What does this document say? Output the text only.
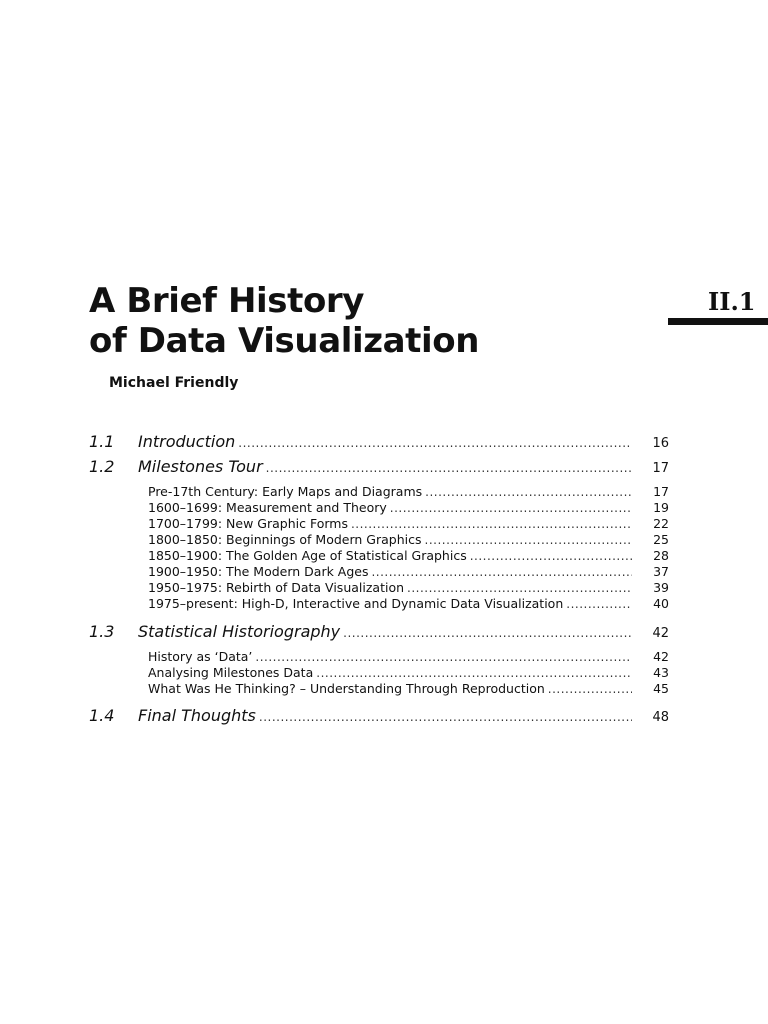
A Brief History
of Data Visualization
II.1
Michael Friendly
1.1	Introduction .....	16
1.2	Milestones Tour .....	17
Pre-17th Century: Early Maps and Diagrams .....	17
1600–1699: Measurement and Theory .....	19
1700–1799: New Graphic Forms .....	22
1800–1850: Beginnings of Modern Graphics .....	25
1850–1900: The Golden Age of Statistical Graphics .....	28
1900–1950: The Modern Dark Ages .....	37
1950–1975: Rebirth of Data Visualization .....	39
1975–present: High-D, Interactive and Dynamic Data Visualization .....	40
1.3	Statistical Historiography .....	42
History as ‘Data’ .....	42
Analysing Milestones Data .....	43
What Was He Thinking? – Understanding Through Reproduction .....	45
1.4	Final Thoughts .....	48
